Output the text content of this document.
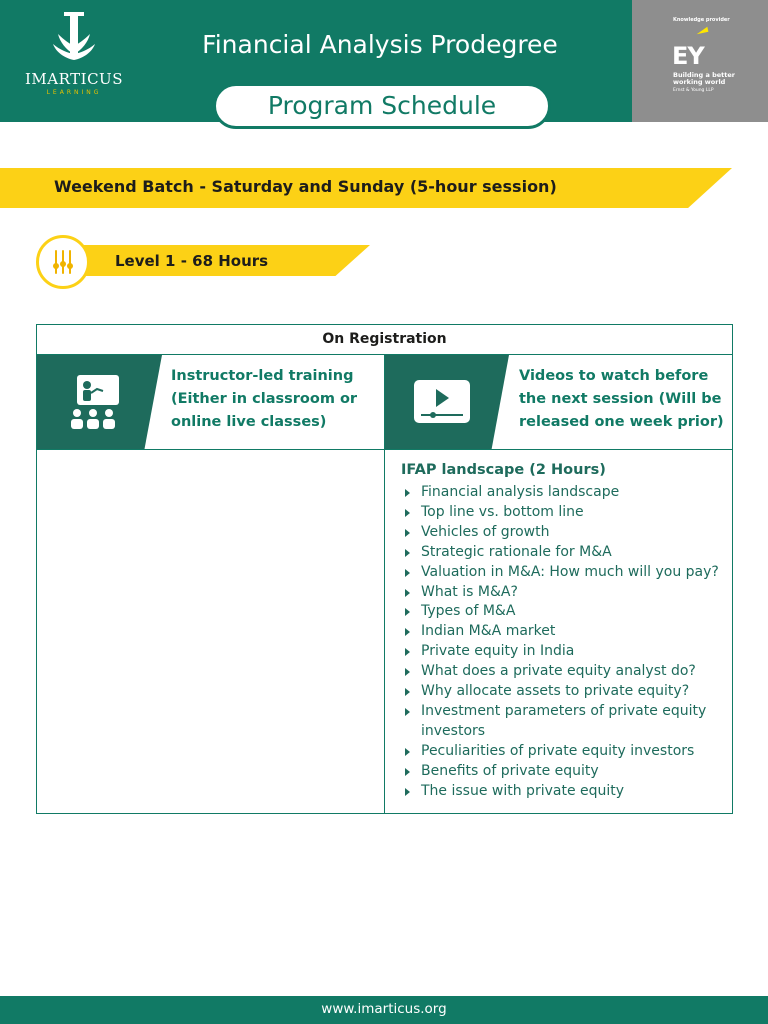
IMARTICUS
LEARNING
Financial Analysis Prodegree
Program Schedule
Knowledge provider
EY
Building a better
working world
Ernst & Young LLP
Weekend Batch - Saturday and Sunday (5-hour session)
Level 1 - 68 Hours
On Registration
Instructor-led training
(Either in classroom or
online live classes)
Videos to watch before
the next session (Will be
released one week prior)
IFAP landscape (2 Hours)
Financial analysis landscape
Top line vs. bottom line
Vehicles of growth
Strategic rationale for M&A
Valuation in M&A: How much will you pay?
What is M&A?
Types of M&A
Indian M&A market
Private equity in India
What does a private equity analyst do?
Why allocate assets to private equity?
Investment parameters of private equity investors
Peculiarities of private equity investors
Benefits of private equity
The issue with private equity
www.imarticus.org
